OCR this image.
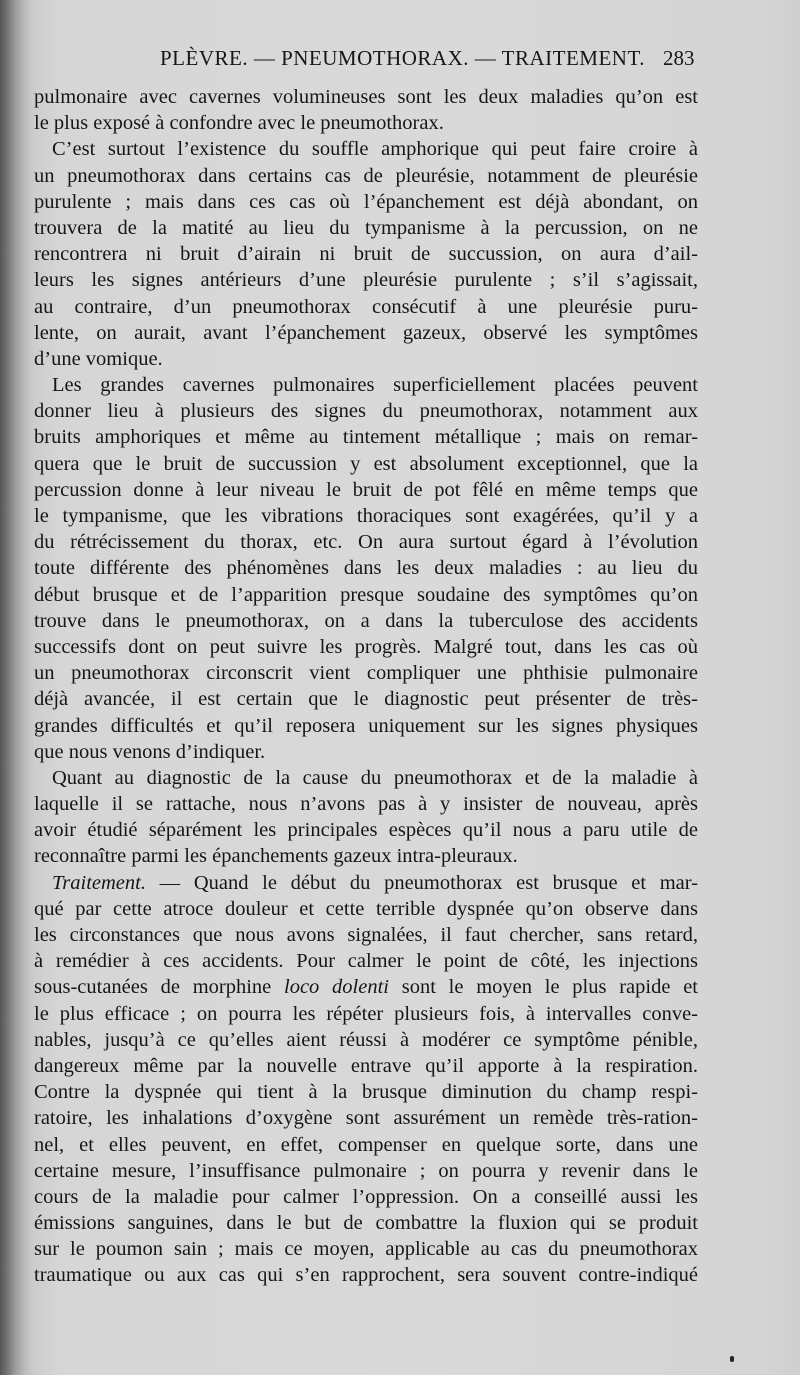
PLÈVRE. — PNEUMOTHORAX. — TRAITEMENT. 283
pulmonaire avec cavernes volumineuses sont les deux maladies qu’on est
le plus exposé à confondre avec le pneumothorax.
C’est surtout l’existence du souffle amphorique qui peut faire croire à
un pneumothorax dans certains cas de pleurésie, notamment de pleurésie
purulente ; mais dans ces cas où l’épanchement est déjà abondant, on
trouvera de la matité au lieu du tympanisme à la percussion, on ne
rencontrera ni bruit d’airain ni bruit de succussion, on aura d’ail-
leurs les signes antérieurs d’une pleurésie purulente ; s’il s’agissait,
au contraire, d’un pneumothorax consécutif à une pleurésie puru-
lente, on aurait, avant l’épanchement gazeux, observé les symptômes
d’une vomique.
Les grandes cavernes pulmonaires superficiellement placées peuvent
donner lieu à plusieurs des signes du pneumothorax, notamment aux
bruits amphoriques et même au tintement métallique ; mais on remar-
quera que le bruit de succussion y est absolument exceptionnel, que la
percussion donne à leur niveau le bruit de pot fêlé en même temps que
le tympanisme, que les vibrations thoraciques sont exagérées, qu’il y a
du rétrécissement du thorax, etc. On aura surtout égard à l’évolution
toute différente des phénomènes dans les deux maladies : au lieu du
début brusque et de l’apparition presque soudaine des symptômes qu’on
trouve dans le pneumothorax, on a dans la tuberculose des accidents
successifs dont on peut suivre les progrès. Malgré tout, dans les cas où
un pneumothorax circonscrit vient compliquer une phthisie pulmonaire
déjà avancée, il est certain que le diagnostic peut présenter de très-
grandes difficultés et qu’il reposera uniquement sur les signes physiques
que nous venons d’indiquer.
Quant au diagnostic de la cause du pneumothorax et de la maladie à
laquelle il se rattache, nous n’avons pas à y insister de nouveau, après
avoir étudié séparément les principales espèces qu’il nous a paru utile de
reconnaître parmi les épanchements gazeux intra-pleuraux.
Traitement. — Quand le début du pneumothorax est brusque et mar-
qué par cette atroce douleur et cette terrible dyspnée qu’on observe dans
les circonstances que nous avons signalées, il faut chercher, sans retard,
à remédier à ces accidents. Pour calmer le point de côté, les injections
sous-cutanées de morphine loco dolenti sont le moyen le plus rapide et
le plus efficace ; on pourra les répéter plusieurs fois, à intervalles conve-
nables, jusqu’à ce qu’elles aient réussi à modérer ce symptôme pénible,
dangereux même par la nouvelle entrave qu’il apporte à la respiration.
Contre la dyspnée qui tient à la brusque diminution du champ respi-
ratoire, les inhalations d’oxygène sont assurément un remède très-ration-
nel, et elles peuvent, en effet, compenser en quelque sorte, dans une
certaine mesure, l’insuffisance pulmonaire ; on pourra y revenir dans le
cours de la maladie pour calmer l’oppression. On a conseillé aussi les
émissions sanguines, dans le but de combattre la fluxion qui se produit
sur le poumon sain ; mais ce moyen, applicable au cas du pneumothorax
traumatique ou aux cas qui s’en rapprochent, sera souvent contre-indiqué
